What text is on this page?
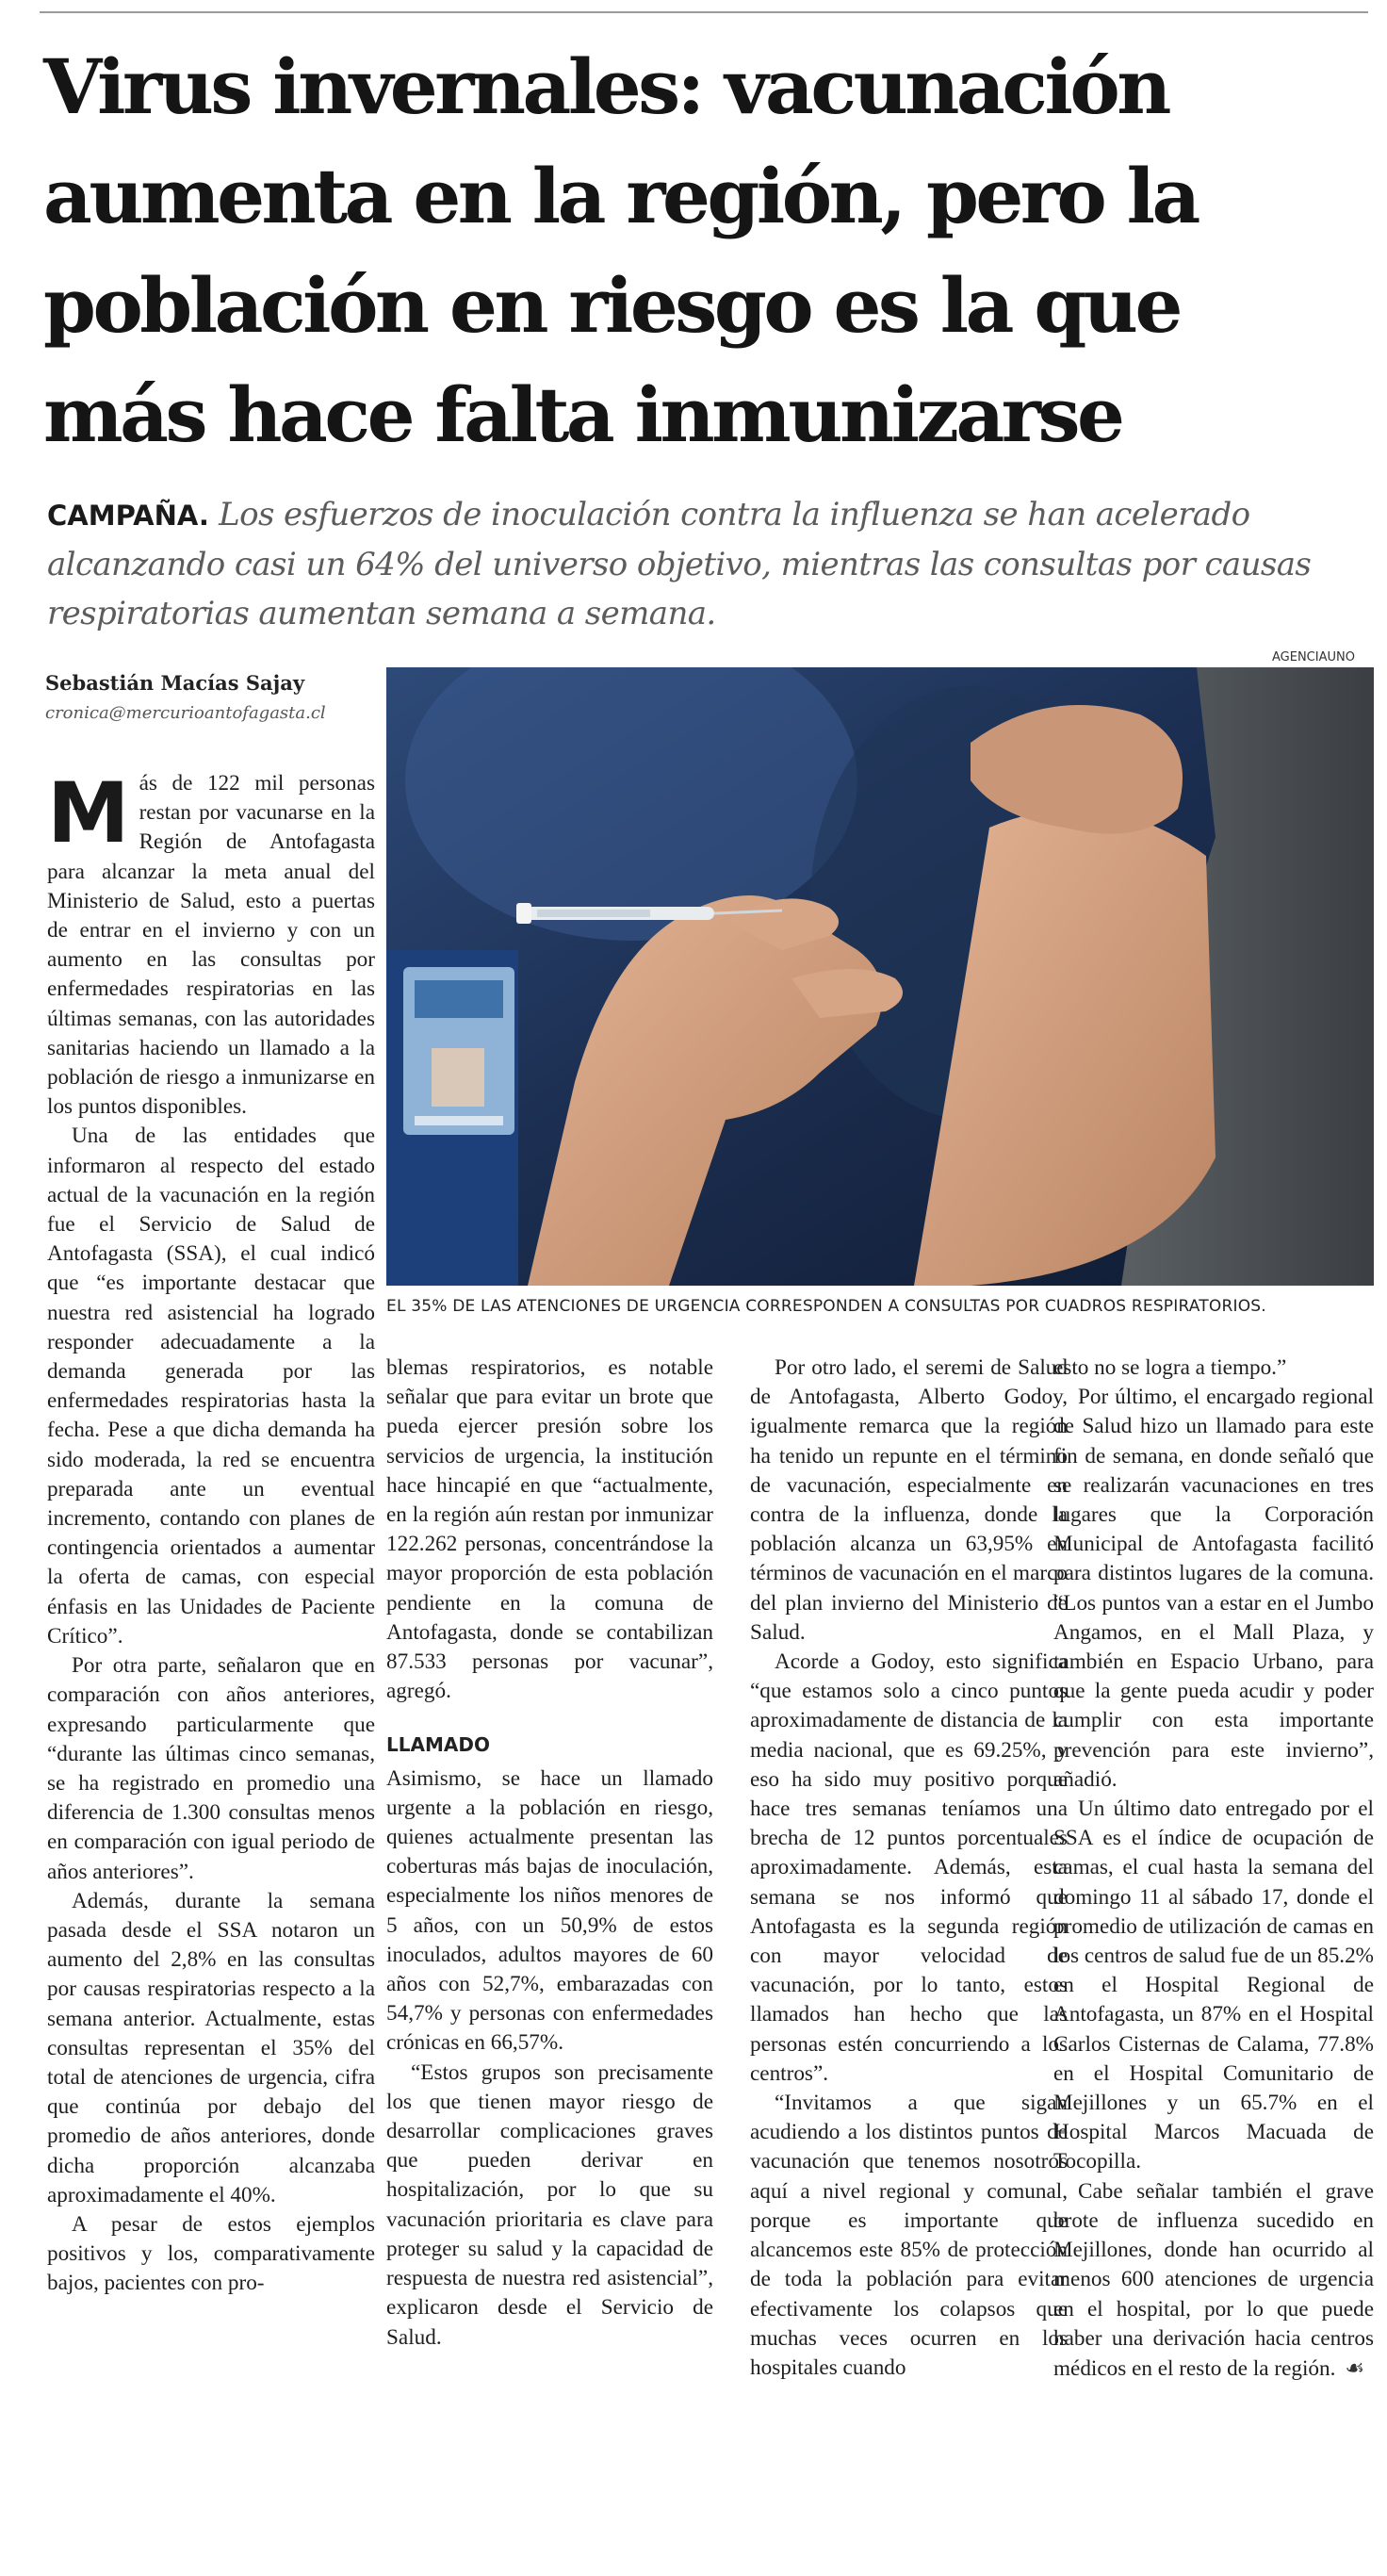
Virus invernales: vacunación aumenta en la región, pero la población en riesgo es la que más hace falta inmunizarse

CAMPAÑA. Los esfuerzos de inoculación contra la influenza se han acelerado alcanzando casi un 64% del universo objetivo, mientras las consultas por causas respiratorias aumentan semana a semana.

Sebastián Macías Sajay

cronica@mercurioantofagasta.cl

AGENCIAUNO

EL 35% DE LAS ATENCIONES DE URGENCIA CORRESPONDEN A CONSULTAS POR CUADROS RESPIRATORIOS.

Más de 122 mil personas restan por vacunarse en la Región de Antofagasta para alcanzar la meta anual del Ministerio de Salud, esto a puertas de entrar en el invierno y con un aumento en las consultas por enfermedades respiratorias en las últimas semanas, con las autoridades sanitarias haciendo un llamado a la población de riesgo a inmunizarse en los puntos disponibles.

Una de las entidades que informaron al respecto del estado actual de la vacunación en la región fue el Servicio de Salud de Antofagasta (SSA), el cual indicó que “es importante destacar que nuestra red asistencial ha logrado responder adecuadamente a la demanda generada por las enfermedades respiratorias hasta la fecha. Pese a que dicha demanda ha sido moderada, la red se encuentra preparada ante un eventual incremento, contando con planes de contingencia orientados a aumentar la oferta de camas, con especial énfasis en las Unidades de Paciente Crítico”.

Por otra parte, señalaron que en comparación con años anteriores, expresando particularmente que “durante las últimas cinco semanas, se ha registrado en promedio una diferencia de 1.300 consultas menos en comparación con igual periodo de años anteriores”.

Además, durante la semana pasada desde el SSA notaron un aumento del 2,8% en las consultas por causas respiratorias respecto a la semana anterior. Actualmente, estas consultas representan el 35% del total de atenciones de urgencia, cifra que continúa por debajo del promedio de años anteriores, donde dicha proporción alcanzaba aproximadamente el 40%.

A pesar de estos ejemplos positivos y los, comparativamente bajos, pacientes con pro-

blemas respiratorios, es notable señalar que para evitar un brote que pueda ejercer presión sobre los servicios de urgencia, la institución hace hincapié en que “actualmente, en la región aún restan por inmunizar 122.262 personas, concentrándose la mayor proporción de esta población pendiente en la comuna de Antofagasta, donde se contabilizan 87.533 personas por vacunar”, agregó.

LLAMADO

Asimismo, se hace un llamado urgente a la población en riesgo, quienes actualmente presentan las coberturas más bajas de inoculación, especialmente los niños menores de 5 años, con un 50,9% de estos inoculados, adultos mayores de 60 años con 52,7%, embarazadas con 54,7% y personas con enfermedades crónicas en 66,57%.

“Estos grupos son precisamente los que tienen mayor riesgo de desarrollar complicaciones graves que pueden derivar en hospitalización, por lo que su vacunación prioritaria es clave para proteger su salud y la capacidad de respuesta de nuestra red asistencial”, explicaron desde el Servicio de Salud.

Por otro lado, el seremi de Salud de Antofagasta, Alberto Godoy, igualmente remarca que la región ha tenido un repunte en el término de vacunación, especialmente en contra de la influenza, donde la población alcanza un 63,95% en términos de vacunación en el marco del plan invierno del Ministerio de Salud.

Acorde a Godoy, esto significa “que estamos solo a cinco puntos aproximadamente de distancia de la media nacional, que es 69.25%, y eso ha sido muy positivo porque hace tres semanas teníamos una brecha de 12 puntos porcentuales aproximadamente. Además, esta semana se nos informó que Antofagasta es la segunda región con mayor velocidad de vacunación, por lo tanto, estos llamados han hecho que las personas estén concurriendo a los centros”.

“Invitamos a que sigan acudiendo a los distintos puntos de vacunación que tenemos nosotros aquí a nivel regional y comunal, porque es importante que alcancemos este 85% de protección de toda la población para evitar efectivamente los colapsos que muchas veces ocurren en los hospitales cuando

esto no se logra a tiempo.”

Por último, el encargado regional de Salud hizo un llamado para este fin de semana, en donde señaló que se realizarán vacunaciones en tres lugares que la Corporación Municipal de Antofagasta facilitó para distintos lugares de la comuna. “Los puntos van a estar en el Jumbo Angamos, en el Mall Plaza, y también en Espacio Urbano, para que la gente pueda acudir y poder cumplir con esta importante prevención para este invierno”, añadió.

Un último dato entregado por el SSA es el índice de ocupación de camas, el cual hasta la semana del domingo 11 al sábado 17, donde el promedio de utilización de camas en los centros de salud fue de un 85.2% en el Hospital Regional de Antofagasta, un 87% en el Hospital Carlos Cisternas de Calama, 77.8% en el Hospital Comunitario de Mejillones y un 65.7% en el Hospital Marcos Macuada de Tocopilla.

Cabe señalar también el grave brote de influenza sucedido en Mejillones, donde han ocurrido al menos 600 atenciones de urgencia en el hospital, por lo que puede haber una derivación hacia centros médicos en el resto de la región. ☙
